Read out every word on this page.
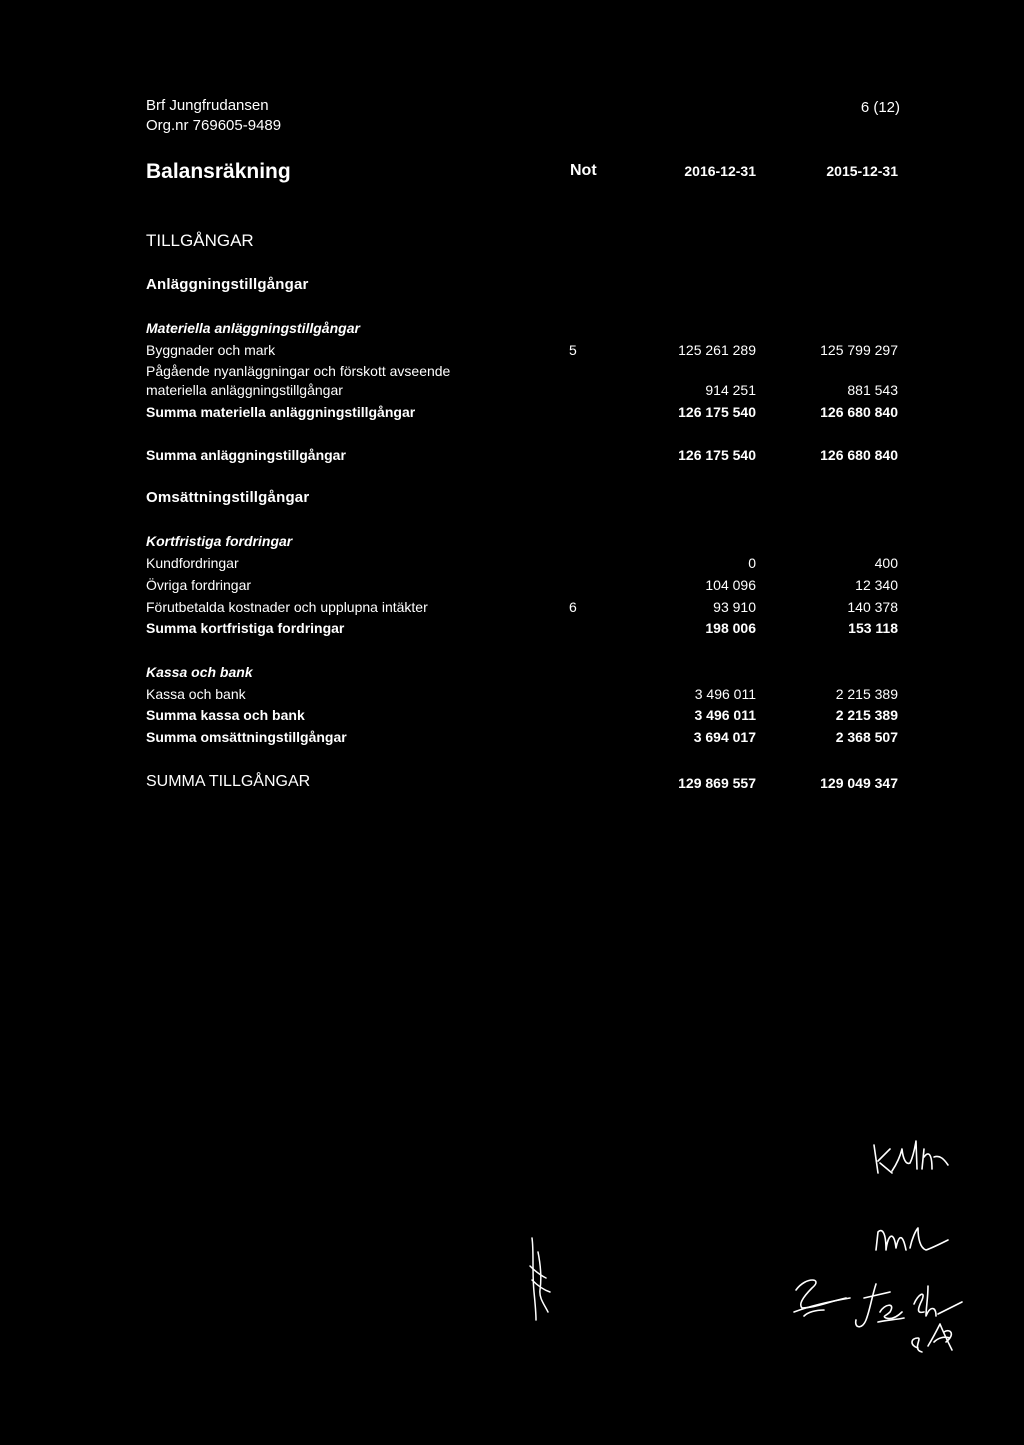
Brf Jungfrudansen
Org.nr 769605-9489
6 (12)
Balansräkning	Not	2016-12-31	2015-12-31
TILLGÅNGAR
Anläggningstillgångar
Materiella anläggningstillgångar
Byggnader och mark	5	125 261 289	125 799 297
Pågående nyanläggningar och förskott avseende
materiella anläggningstillgångar	914 251	881 543
Summa materiella anläggningstillgångar	126 175 540	126 680 840
Summa anläggningstillgångar	126 175 540	126 680 840
Omsättningstillgångar
Kortfristiga fordringar
Kundfordringar	0	400
Övriga fordringar	104 096	12 340
Förutbetalda kostnader och upplupna intäkter	6	93 910	140 378
Summa kortfristiga fordringar	198 006	153 118
Kassa och bank
Kassa och bank	3 496 011	2 215 389
Summa kassa och bank	3 496 011	2 215 389
Summa omsättningstillgångar	3 694 017	2 368 507
SUMMA TILLGÅNGAR	129 869 557	129 049 347
